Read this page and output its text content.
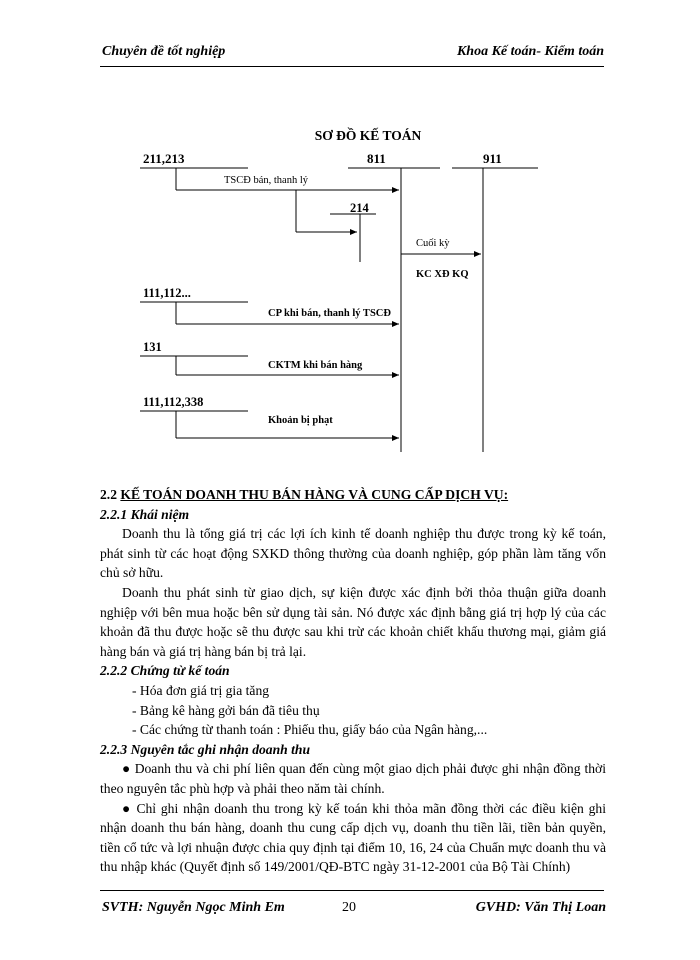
Chuyên đề tốt nghiệp	Khoa Kế toán- Kiểm toán
SƠ ĐỒ KẾ TOÁN
211,213
TSCĐ bán, thanh lý
214
811	911
Cuối kỳ
KC XĐ KQ
111,112...
CP khi bán, thanh lý TSCĐ
131
CKTM khi bán hàng
111,112,338
Khoản bị phạt

2.2 KẾ TOÁN DOANH THU BÁN HÀNG VÀ CUNG CẤP DỊCH VỤ:

2.2.1 Khái niệm

Doanh thu là tổng giá trị các lợi ích kinh tế doanh nghiệp thu được trong kỳ kế toán, phát sinh từ các hoạt động SXKD thông thường của doanh nghiệp, góp phần làm tăng vốn chủ sở hữu.

Doanh thu phát sinh từ giao dịch, sự kiện được xác định bởi thỏa thuận giữa doanh nghiệp với bên mua hoặc bên sử dụng tài sản. Nó được xác định bằng giá trị hợp lý của các khoản đã thu được hoặc sẽ thu được sau khi trừ các khoản chiết khấu thương mại, giảm giá hàng bán và giá trị hàng bán bị trả lại.

2.2.2 Chứng từ kế toán

- Hóa đơn giá trị gia tăng

- Bảng kê hàng gởi bán đã tiêu thụ

- Các chứng từ thanh toán : Phiếu thu, giấy báo của Ngân hàng,...

2.2.3 Nguyên tắc ghi nhận doanh thu

● Doanh thu và chi phí liên quan đến cùng một giao dịch phải được ghi nhận đồng thời theo nguyên tắc phù hợp và phải theo năm tài chính.

● Chỉ ghi nhận doanh thu trong kỳ kế toán khi thỏa mãn đồng thời các điều kiện ghi nhận doanh thu bán hàng, doanh thu cung cấp dịch vụ, doanh thu tiền lãi, tiền bản quyền, tiền cổ tức và lợi nhuận được chia quy định tại điểm 10, 16, 24 của Chuẩn mực doanh thu và thu nhập khác (Quyết định số 149/2001/QĐ-BTC ngày 31-12-2001 của Bộ Tài Chính)

SVTH: Nguyễn Ngọc Minh Em	20	GVHD: Văn Thị Loan
